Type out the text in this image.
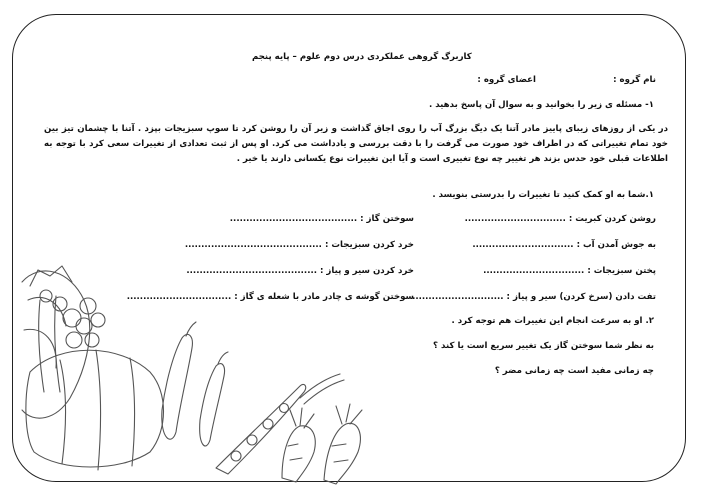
کاربرگ گروهی عملکردی درس دوم علوم – پایه پنجم
نام گروه :
اعضای گروه :
۱- مسئله ی زیر را بخوانید و به سوال آن پاسخ بدهید .
در یکی از روزهای زیبای پاییز مادر آتنا یک دیگ بزرگ آب را روی اجاق گذاشت و زیر آن را روشن کرد تا سوپ سبزیجات بپزد . آتنا با چشمان تیز بین خود تمام تغییراتی که در اطراف خود صورت می گرفت را با دقت بررسی و یادداشت می کرد. او پس از ثبت تعدادی از تغییرات سعی کرد با توجه به اطلاعات قبلی خود حدس بزند هر تغییر چه نوع تغییری است و آیا این تغییرات نوع یکسانی دارند یا خیر .
۱.شما به او کمک کنید تا تغییرات را بدرستی بنویسد .
روشن کردن کبریت : ...............................
سوختن گاز : .......................................
به جوش آمدن آب : ...............................
خرد کردن سبزیجات : ..........................................
پختن سبزیجات : ...............................
خرد کردن سیر و پیاز : ........................................
تفت دادن (سرخ کردن) سیر و پیاز : ............................
سوختن گوشه ی چادر مادر با شعله ی گاز : ................................
۲. او به سرعت انجام این تغییرات هم توجه کرد .
به نظر شما سوختن گاز یک تغییر سریع است یا کند ؟
چه زمانی مفید است چه زمانی مضر ؟
